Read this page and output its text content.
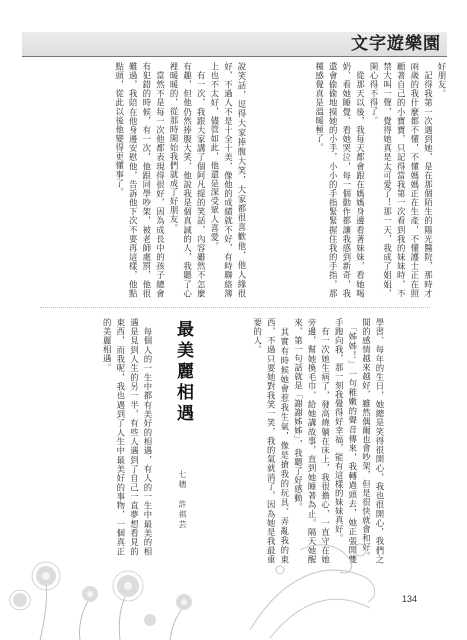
文字遊樂園
好朋友。
　記得我第一次遇到她，是在那個陌生的陽光醫院，那時才兩歲的我什麼都不懂，不懂媽媽正在生產，不懂護士正在照顧著自己的小寶寶，只記得當我第一次看到我的妹妹時，不禁大叫一聲，覺得她真是太可愛了！那一天，我成了姐姐，開心得不得了。
　從那天以後，我每天都會跟在媽媽身邊看著妹妹，看她喝奶、看她睡覺、看她哭泣，每一個動作都讓我感到新奇，我還會偷偷地摸她的小手，小小的手指緊緊握住我的手指，那種感覺真是溫暖極了。
說笑話，逗得大家捧腹大笑，大家都很喜歡他，他人緣很好，不過人不是十全十美，像他的成績就不好，有時聯絡簿上也不太好，儘管如此，他還是深受眾人喜愛。
　有一次，我跟大家講了個阿凡提的笑話，內容雖然不怎麼有趣，但他仍然捧腹大笑，他說我是個真誠的人，我聽了心裡暖暖的，從那時開始我們就成了好朋友。
　當然不是每一次他都表現得很好，因為成長中的孩子總會有犯錯的時候，有一次，他跟同學吵架，被老師處罰，他很難過，我陪在他身邊安慰他，告訴他下次不要再這樣，他點點頭，從此以後他變得更懂事了。
學習、每年的生日，她總是笑得很開心，我也很開心，我們之間的感情越來越好，雖然偶爾也會吵架，但是很快就會和好。
　「姊姊！」一句稚嫩的聲音傳來，我轉過頭去，她正張開雙手跑向我，那一刻我覺得好幸福，能有這樣的妹妹真好。
　有一次她生病了，發高燒躺在床上，我很擔心，一直守在她旁邊，幫她換毛巾，給她講故事，直到她睡著為止。隔天她醒來，第一句話就是「謝謝姊姊」，我聽了好感動。
　其實有時候她會惹我生氣，像是搶我的玩具、弄亂我的東西，不過只要她對我笑一笑，我的氣就消了，因為她是我最重要的人。
最美麗相遇
七穗　許祺芸
　每個人的一生中都有美好的相遇，有人的一生中最美的相遇是見到人生的另一半，有些人遇到了自己一直夢想看見的東西，而我呢，我也遇到了人生中最美好的事物，一個真正的美麗相遇。
134
